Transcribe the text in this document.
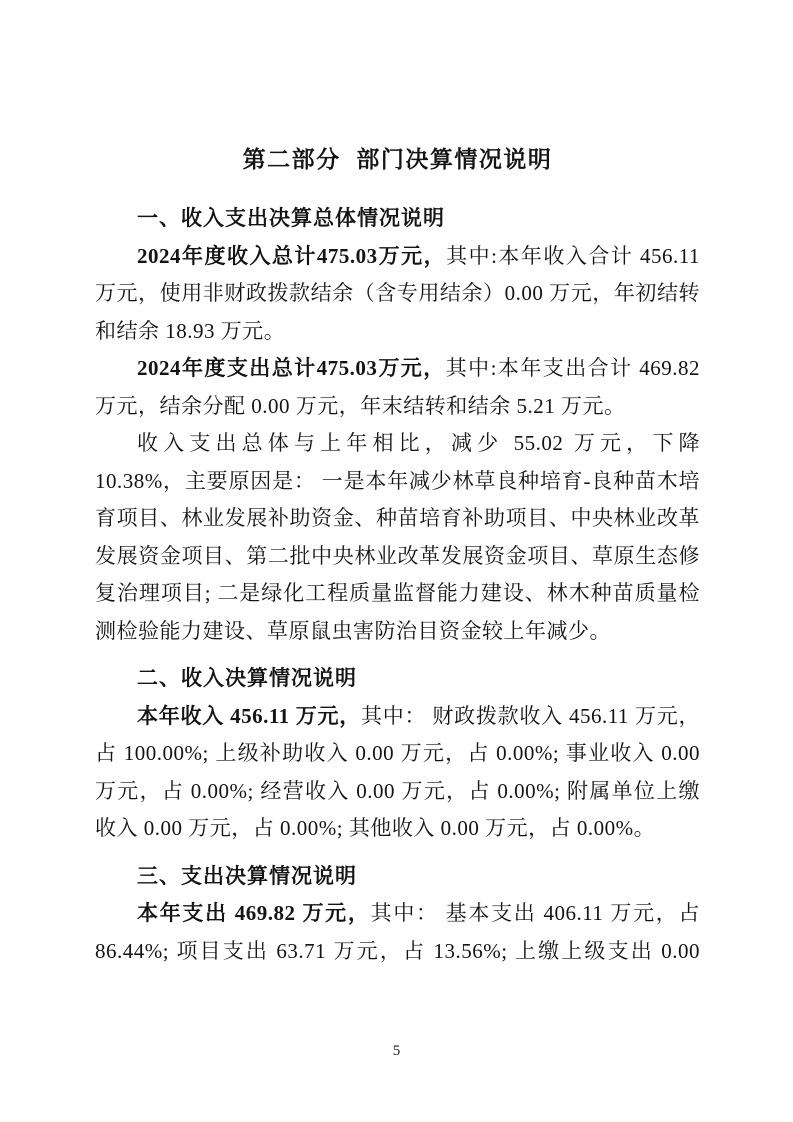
第二部分  部门决算情况说明
一、收入支出决算总体情况说明

2024年度收入总计475.03万元，其中:本年收入合计 456.11 万元，使用非财政拨款结余（含专用结余）0.00 万元，年初结转和结余 18.93 万元。

2024年度支出总计475.03万元，其中:本年支出合计 469.82 万元，结余分配 0.00 万元，年末结转和结余 5.21 万元。

收入支出总体与上年相比，减少 55.02 万元，下降 10.38%，主要原因是： 一是本年减少林草良种培育-良种苗木培育项目、林业发展补助资金、种苗培育补助项目、中央林业改革发展资金项目、第二批中央林业改革发展资金项目、草原生态修复治理项目; 二是绿化工程质量监督能力建设、林木种苗质量检测检验能力建设、草原鼠虫害防治目资金较上年减少。

二、收入决算情况说明

本年收入 456.11 万元，其中： 财政拨款收入 456.11 万元，占 100.00%; 上级补助收入 0.00 万元，占 0.00%; 事业收入 0.00 万元，占 0.00%; 经营收入 0.00 万元，占 0.00%; 附属单位上缴收入 0.00 万元，占 0.00%; 其他收入 0.00 万元，占 0.00%。

三、支出决算情况说明

本年支出 469.82 万元，其中： 基本支出 406.11 万元，占 86.44%; 项目支出 63.71 万元，占 13.56%; 上缴上级支出 0.00

5
